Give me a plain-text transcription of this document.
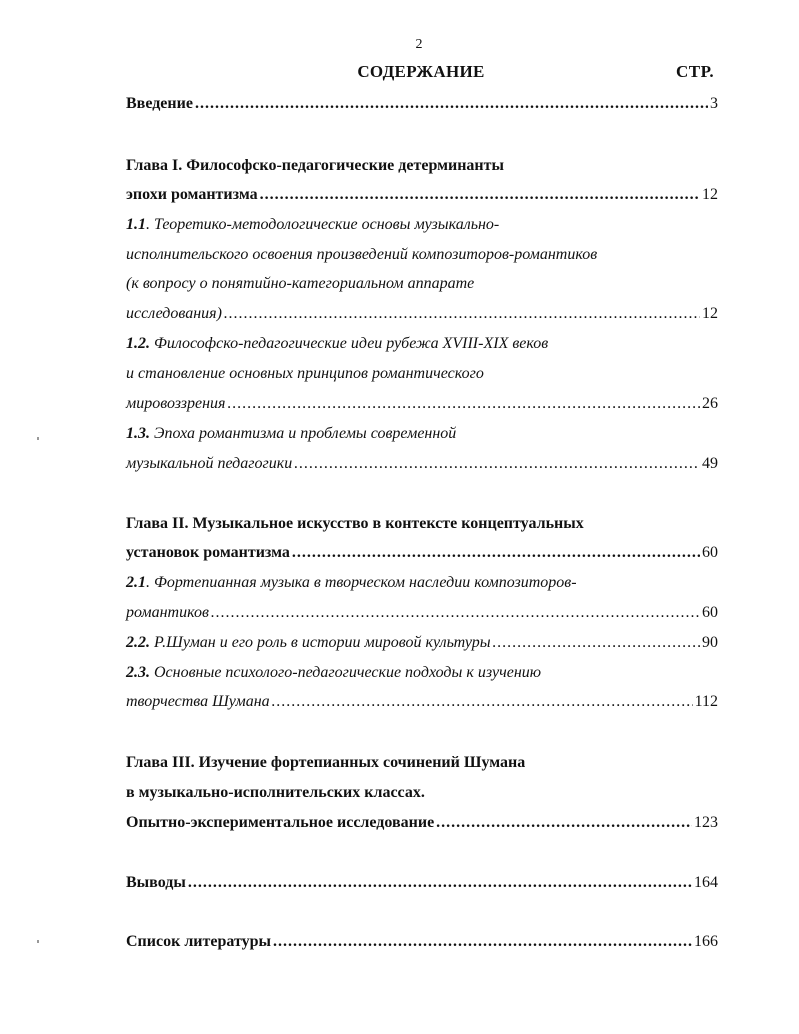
2
СОДЕРЖАНИЕ	СТР.
Введение .....	3
Глава I. Философско-педагогические детерминанты
эпохи романтизма .....	12
1.1. Теоретико-методологические основы музыкально-
исполнительского освоения произведений композиторов-романтиков
(к вопросу о понятийно-категориальном аппарате
исследования) .....	12
1.2. Философско-педагогические идеи рубежа XVIII-XIX веков
и становление основных принципов романтического
мировоззрения .....	26
1.3. Эпоха романтизма и проблемы современной
музыкальной педагогики .....	49
Глава II. Музыкальное искусство в контексте концептуальных
установок романтизма .....	60
2.1. Фортепианная музыка в творческом наследии композиторов-
романтиков .....	60
2.2. Р.Шуман и его роль в истории мировой культуры .....	90
2.3. Основные психолого-педагогические подходы к изучению
творчества Шумана .....	112
Глава III. Изучение фортепианных сочинений Шумана
в музыкально-исполнительских классах.
Опытно-экспериментальное исследование .....	123
Выводы .....	164
Список литературы .....	166
